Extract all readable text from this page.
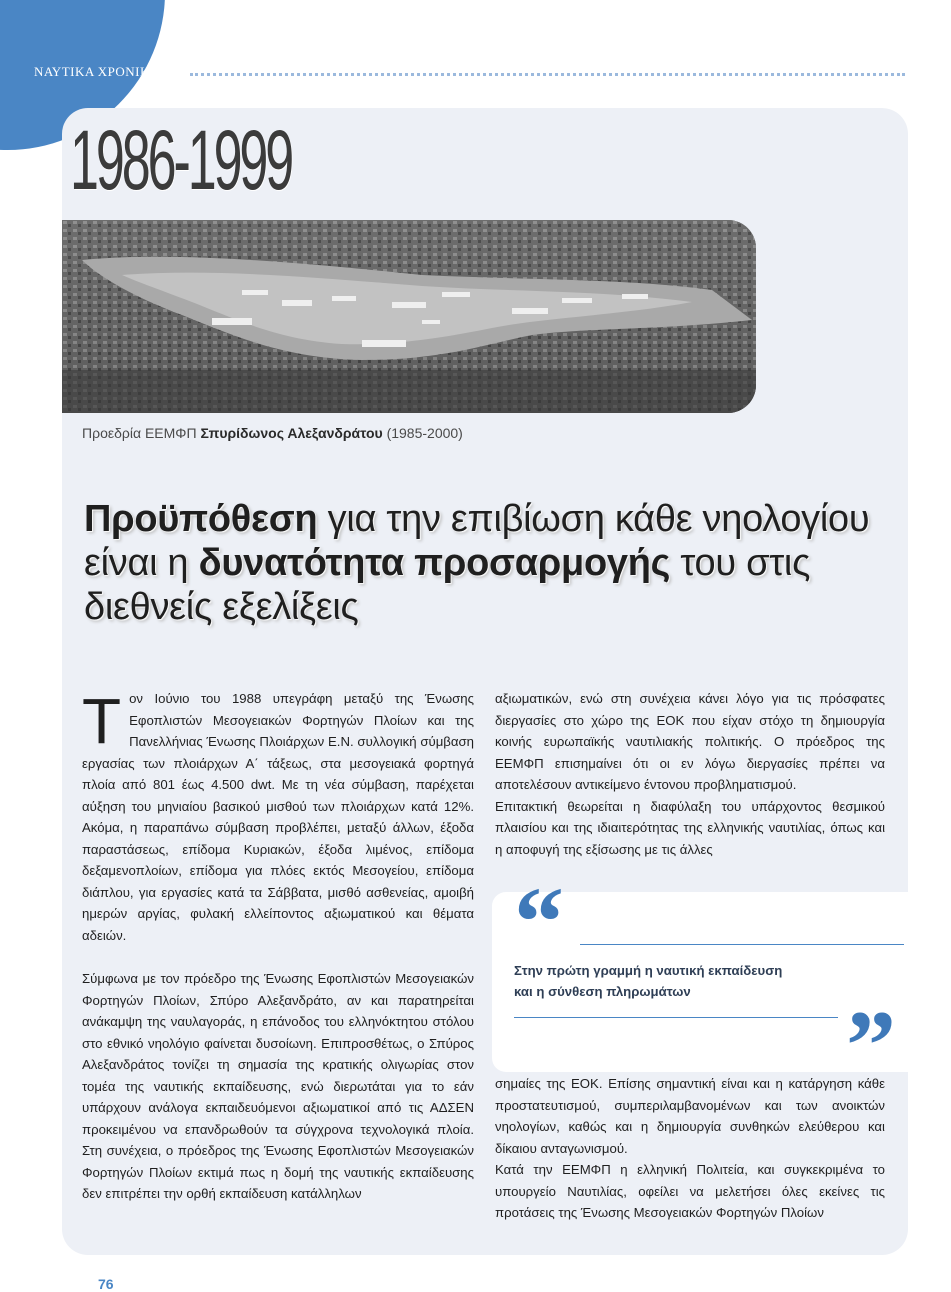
ΝΑΥΤΙΚΑ ΧΡΟΝΙΚΑ
1986-1999
Προεδρία ΕΕΜΦΠ Σπυρίδωνος Αλεξανδράτου (1985-2000)
Προϋπόθεση για την επιβίωση κάθε νηολογίου είναι η δυνατότητα προσαρμογής του στις διεθνείς εξελίξεις

Τον Ιούνιο του 1988 υπεγράφη μεταξύ της Ένωσης Εφοπλιστών Μεσογειακών Φορτηγών Πλοίων και της Πανελλήνιας Ένωσης Πλοιάρχων Ε.Ν. συλλογική σύμβαση εργασίας των πλοιάρχων Α΄ τάξεως, στα μεσογειακά φορτηγά πλοία από 801 έως 4.500 dwt. Με τη νέα σύμβαση, παρέχεται αύξηση του μηνιαίου βασικού μισθού των πλοιάρχων κατά 12%. Ακόμα, η παραπάνω σύμβαση προβλέπει, μεταξύ άλλων, έξοδα παραστάσεως, επίδομα Κυριακών, έξοδα λιμένος, επίδομα δεξαμενοπλοίων, επίδομα για πλόες εκτός Μεσογείου, επίδομα διάπλου, για εργασίες κατά τα Σάββατα, μισθό ασθενείας, αμοιβή ημερών αργίας, φυλακή ελλείποντος αξιωματικού και θέματα αδειών.

Σύμφωνα με τον πρόεδρο της Ένωσης Εφοπλιστών Μεσογειακών Φορτηγών Πλοίων, Σπύρο Αλεξανδράτο, αν και παρατηρείται ανάκαμψη της ναυλαγοράς, η επάνοδος του ελληνόκτητου στόλου στο εθνικό νηολόγιο φαίνεται δυσοίωνη. Επιπροσθέτως, ο Σπύρος Αλεξανδράτος τονίζει τη σημασία της κρατικής ολιγωρίας στον τομέα της ναυτικής εκπαίδευσης, ενώ διερωτάται για το εάν υπάρχουν ανάλογα εκπαιδευόμενοι αξιωματικοί από τις ΑΔΣΕΝ προκειμένου να επανδρωθούν τα σύγχρονα τεχνολογικά πλοία. Στη συνέχεια, ο πρόεδρος της Ένωσης Εφοπλιστών Μεσογειακών Φορτηγών Πλοίων εκτιμά πως η δομή της ναυτικής εκπαίδευσης δεν επιτρέπει την ορθή εκπαίδευση κατάλληλων

αξιωματικών, ενώ στη συνέχεια κάνει λόγο για τις πρόσφατες διεργασίες στο χώρο της ΕΟΚ που είχαν στόχο τη δημιουργία κοινής ευρωπαϊκής ναυτιλιακής πολιτικής. Ο πρόεδρος της ΕΕΜΦΠ επισημαίνει ότι οι εν λόγω διεργασίες πρέπει να αποτελέσουν αντικείμενο έντονου προβληματισμού.

Επιτακτική θεωρείται η διαφύλαξη του υπάρχοντος θεσμικού πλαισίου και της ιδιαιτερότητας της ελληνικής ναυτιλίας, όπως και η αποφυγή της εξίσωσης με τις άλλες

“
Στην πρώτη γραμμή η ναυτική εκπαίδευση
και η σύνθεση πληρωμάτων	”

σημαίες της ΕΟΚ. Επίσης σημαντική είναι και η κατάργηση κάθε προστατευτισμού, συμπεριλαμβανομένων και των ανοικτών νηολογίων, καθώς και η δημιουργία συνθηκών ελεύθερου και δίκαιου ανταγωνισμού.

Κατά την ΕΕΜΦΠ η ελληνική Πολιτεία, και συγκεκριμένα το υπουργείο Ναυτιλίας, οφείλει να μελετήσει όλες εκείνες τις προτάσεις της Ένωσης Μεσογειακών Φορτηγών Πλοίων

76
